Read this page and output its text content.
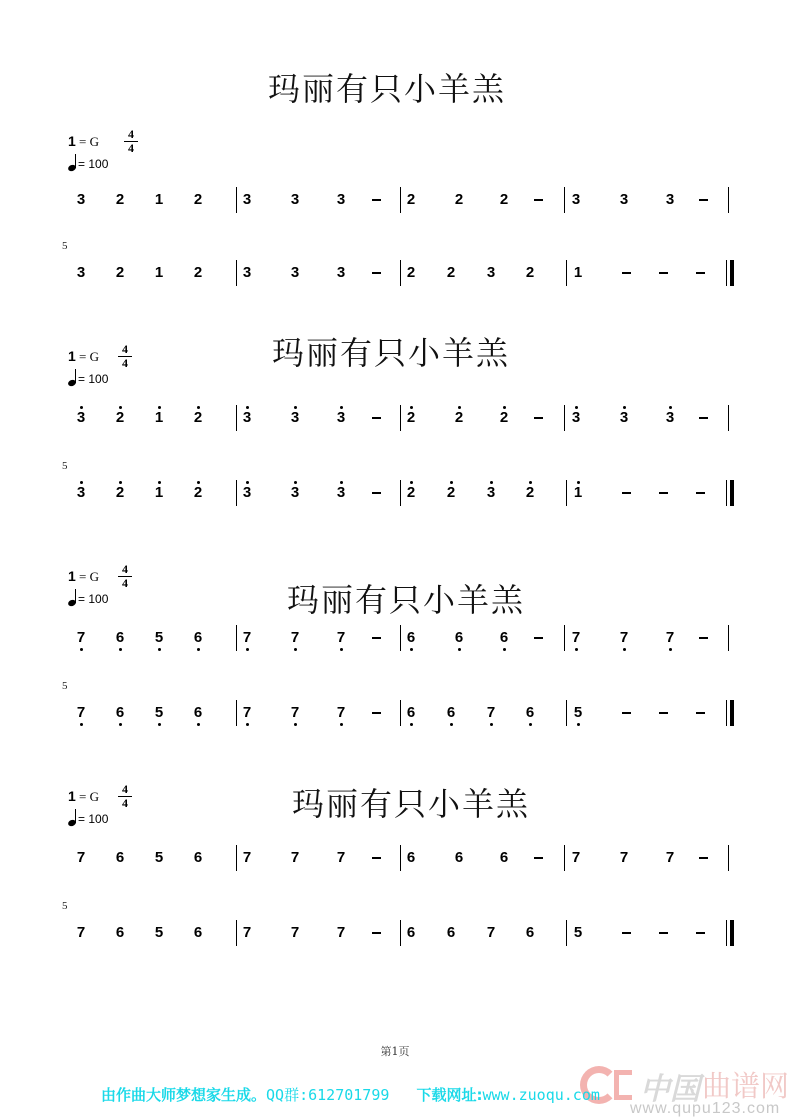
玛丽有只小羊羔
玛丽有只小羊羔
玛丽有只小羊羔
玛丽有只小羊羔
1 = G	4
4
= 100
1 = G	4
4
= 100
1 = G	4
4
= 100
1 = G	4
4
= 100
5
5
5
5
3 2 1 2	3	3	3	2	2 2	3	3	3
3 2 1 2	3	3	3	2 2 3 2	1
3 2 1 2	3	3	3	2	2 2	3	3	3
3 2 1 2	3	3	3	2 2 3 2	1
7 6 5 6	7	7	7	6	6 6	7	7	7
7 6 5 6	7	7	7	6 6 7 6	5
7 6 5 6	7	7	7	6	6 6	7	7	7
7 6 5 6	7	7	7	6 6 7 6	5
第1页
中国 曲谱网
www.qupu123.com
由作曲大师梦想家生成。QQ群:612701799 下载网址:www.zuoqu.com
